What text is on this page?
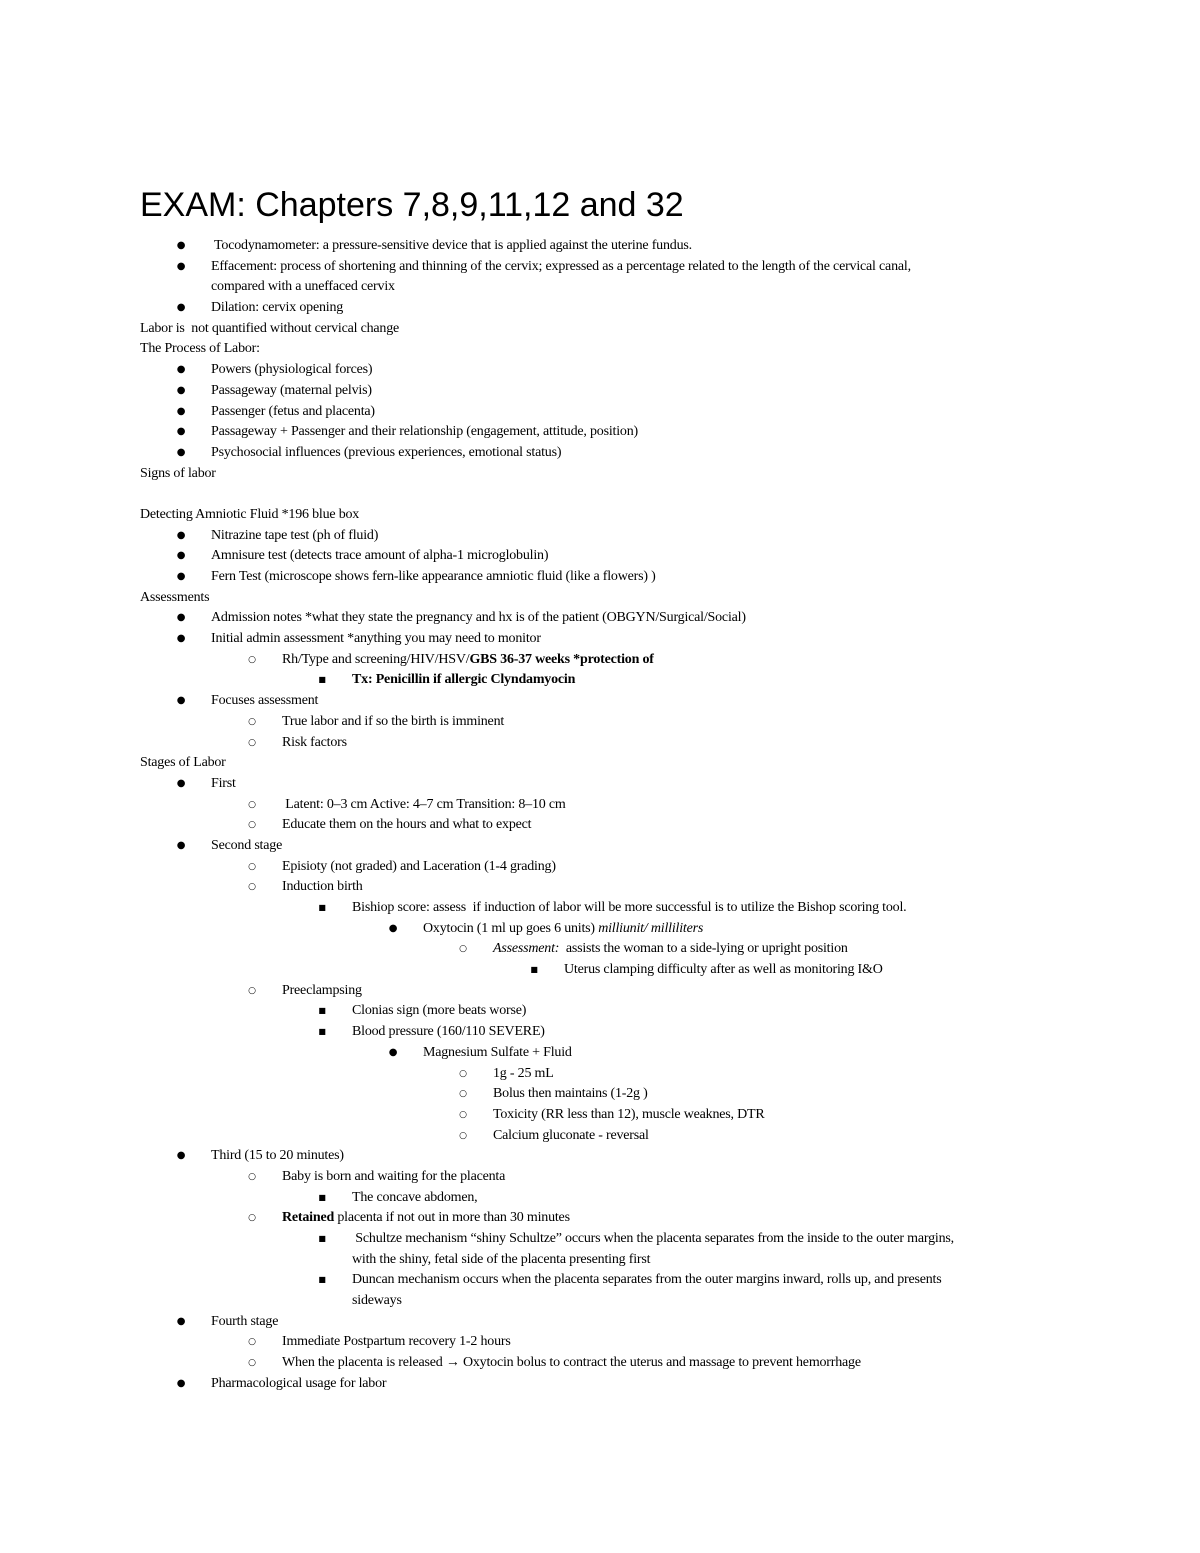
EXAM: Chapters 7,8,9,11,12 and 32
● Tocodynamometer: a pressure-sensitive device that is applied against the uterine fundus.
● Effacement: process of shortening and thinning of the cervix; expressed as a percentage related to the length of the cervical canal,
compared with a uneffaced cervix
● Dilation: cervix opening
Labor is  not quantified without cervical change
The Process of Labor:
● Powers (physiological forces)
● Passageway (maternal pelvis)
● Passenger (fetus and placenta)
● Passageway + Passenger and their relationship (engagement, attitude, position)
● Psychosocial influences (previous experiences, emotional status)
Signs of labor
Detecting Amniotic Fluid *196 blue box
● Nitrazine tape test (ph of fluid)
● Amnisure test (detects trace amount of alpha-1 microglobulin)
● Fern Test (microscope shows fern-like appearance amniotic fluid (like a flowers) )
Assessments
● Admission notes *what they state the pregnancy and hx is of the patient (OBGYN/Surgical/Social)
● Initial admin assessment *anything you may need to monitor
○ Rh/Type and screening/HIV/HSV/GBS 36-37 weeks *protection of
■ Tx: Penicillin if allergic Clyndamyocin
● Focuses assessment
○ True labor and if so the birth is imminent
○ Risk factors
Stages of Labor
● First
○ Latent: 0–3 cm Active: 4–7 cm Transition: 8–10 cm
○ Educate them on the hours and what to expect
● Second stage
○ Episioty (not graded) and Laceration (1-4 grading)
○ Induction birth
■ Bishiop score: assess  if induction of labor will be more successful is to utilize the Bishop scoring tool.
● Oxytocin (1 ml up goes 6 units) milliunit/ milliliters
○ Assessment:  assists the woman to a side-lying or upright position
■ Uterus clamping difficulty after as well as monitoring I&O
○ Preeclampsing
■ Clonias sign (more beats worse)
■ Blood pressure (160/110 SEVERE)
● Magnesium Sulfate + Fluid
○ 1g - 25 mL
○ Bolus then maintains (1-2g )
○ Toxicity (RR less than 12), muscle weaknes, DTR
○ Calcium gluconate - reversal
● Third (15 to 20 minutes)
○ Baby is born and waiting for the placenta
■ The concave abdomen,
○ Retained placenta if not out in more than 30 minutes
■ Schultze mechanism “shiny Schultze” occurs when the placenta separates from the inside to the outer margins,
with the shiny, fetal side of the placenta presenting first
■ Duncan mechanism occurs when the placenta separates from the outer margins inward, rolls up, and presents
sideways
● Fourth stage
○ Immediate Postpartum recovery 1-2 hours
○ When the placenta is released → Oxytocin bolus to contract the uterus and massage to prevent hemorrhage
● Pharmacological usage for labor
